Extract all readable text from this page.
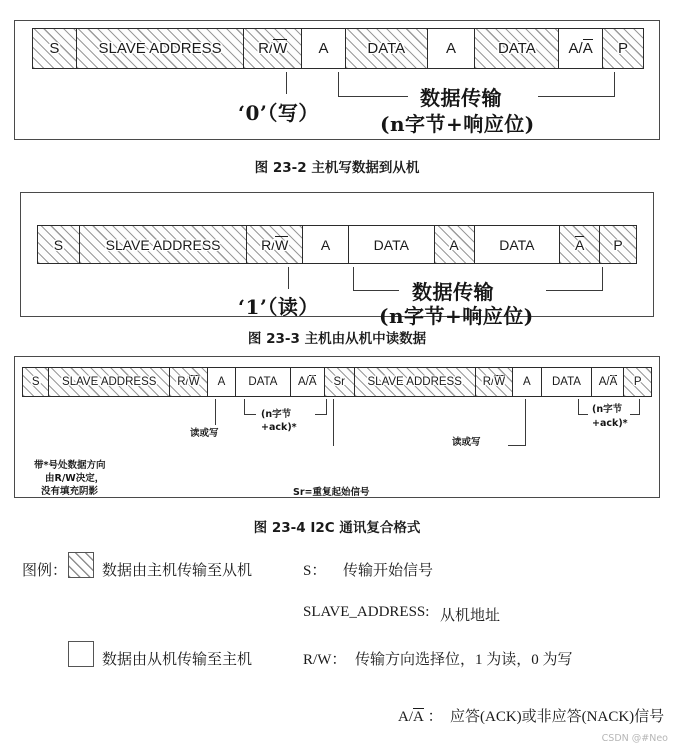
S	SLAVE ADDRESS R/W A	DATA	A	DATA A/A P
‘0’（写）
数据传输
(n字节+响应位)
图 23-2 主机写数据到从机
S	SLAVE ADDRESS	R/W A	DATA	A	DATA	A P
‘1’（读）
数据传输
(n字节+响应位)
图 23-3 主机由从机中读数据
S SLAVE ADDRESS R/W A DATA A/A Sr SLAVE ADDRESS R/W A DATA A/A P
读或写
(n字节
+ack)*
Sr=重复起始信号
读或写
(n字节
+ack)*
带*号处数据方向
由R/W决定，
没有填充阴影
图 23-4 I2C 通讯复合格式
图例： 数据由主机传输至从机
数据由从机传输至主机
S： 传输开始信号
SLAVE_ADDRESS: 从机地址
R/W： 传输方向选择位，1 为读，0 为写
A/A
： 应答(ACK)或非应答(NACK)信号
CSDN @#Neo
